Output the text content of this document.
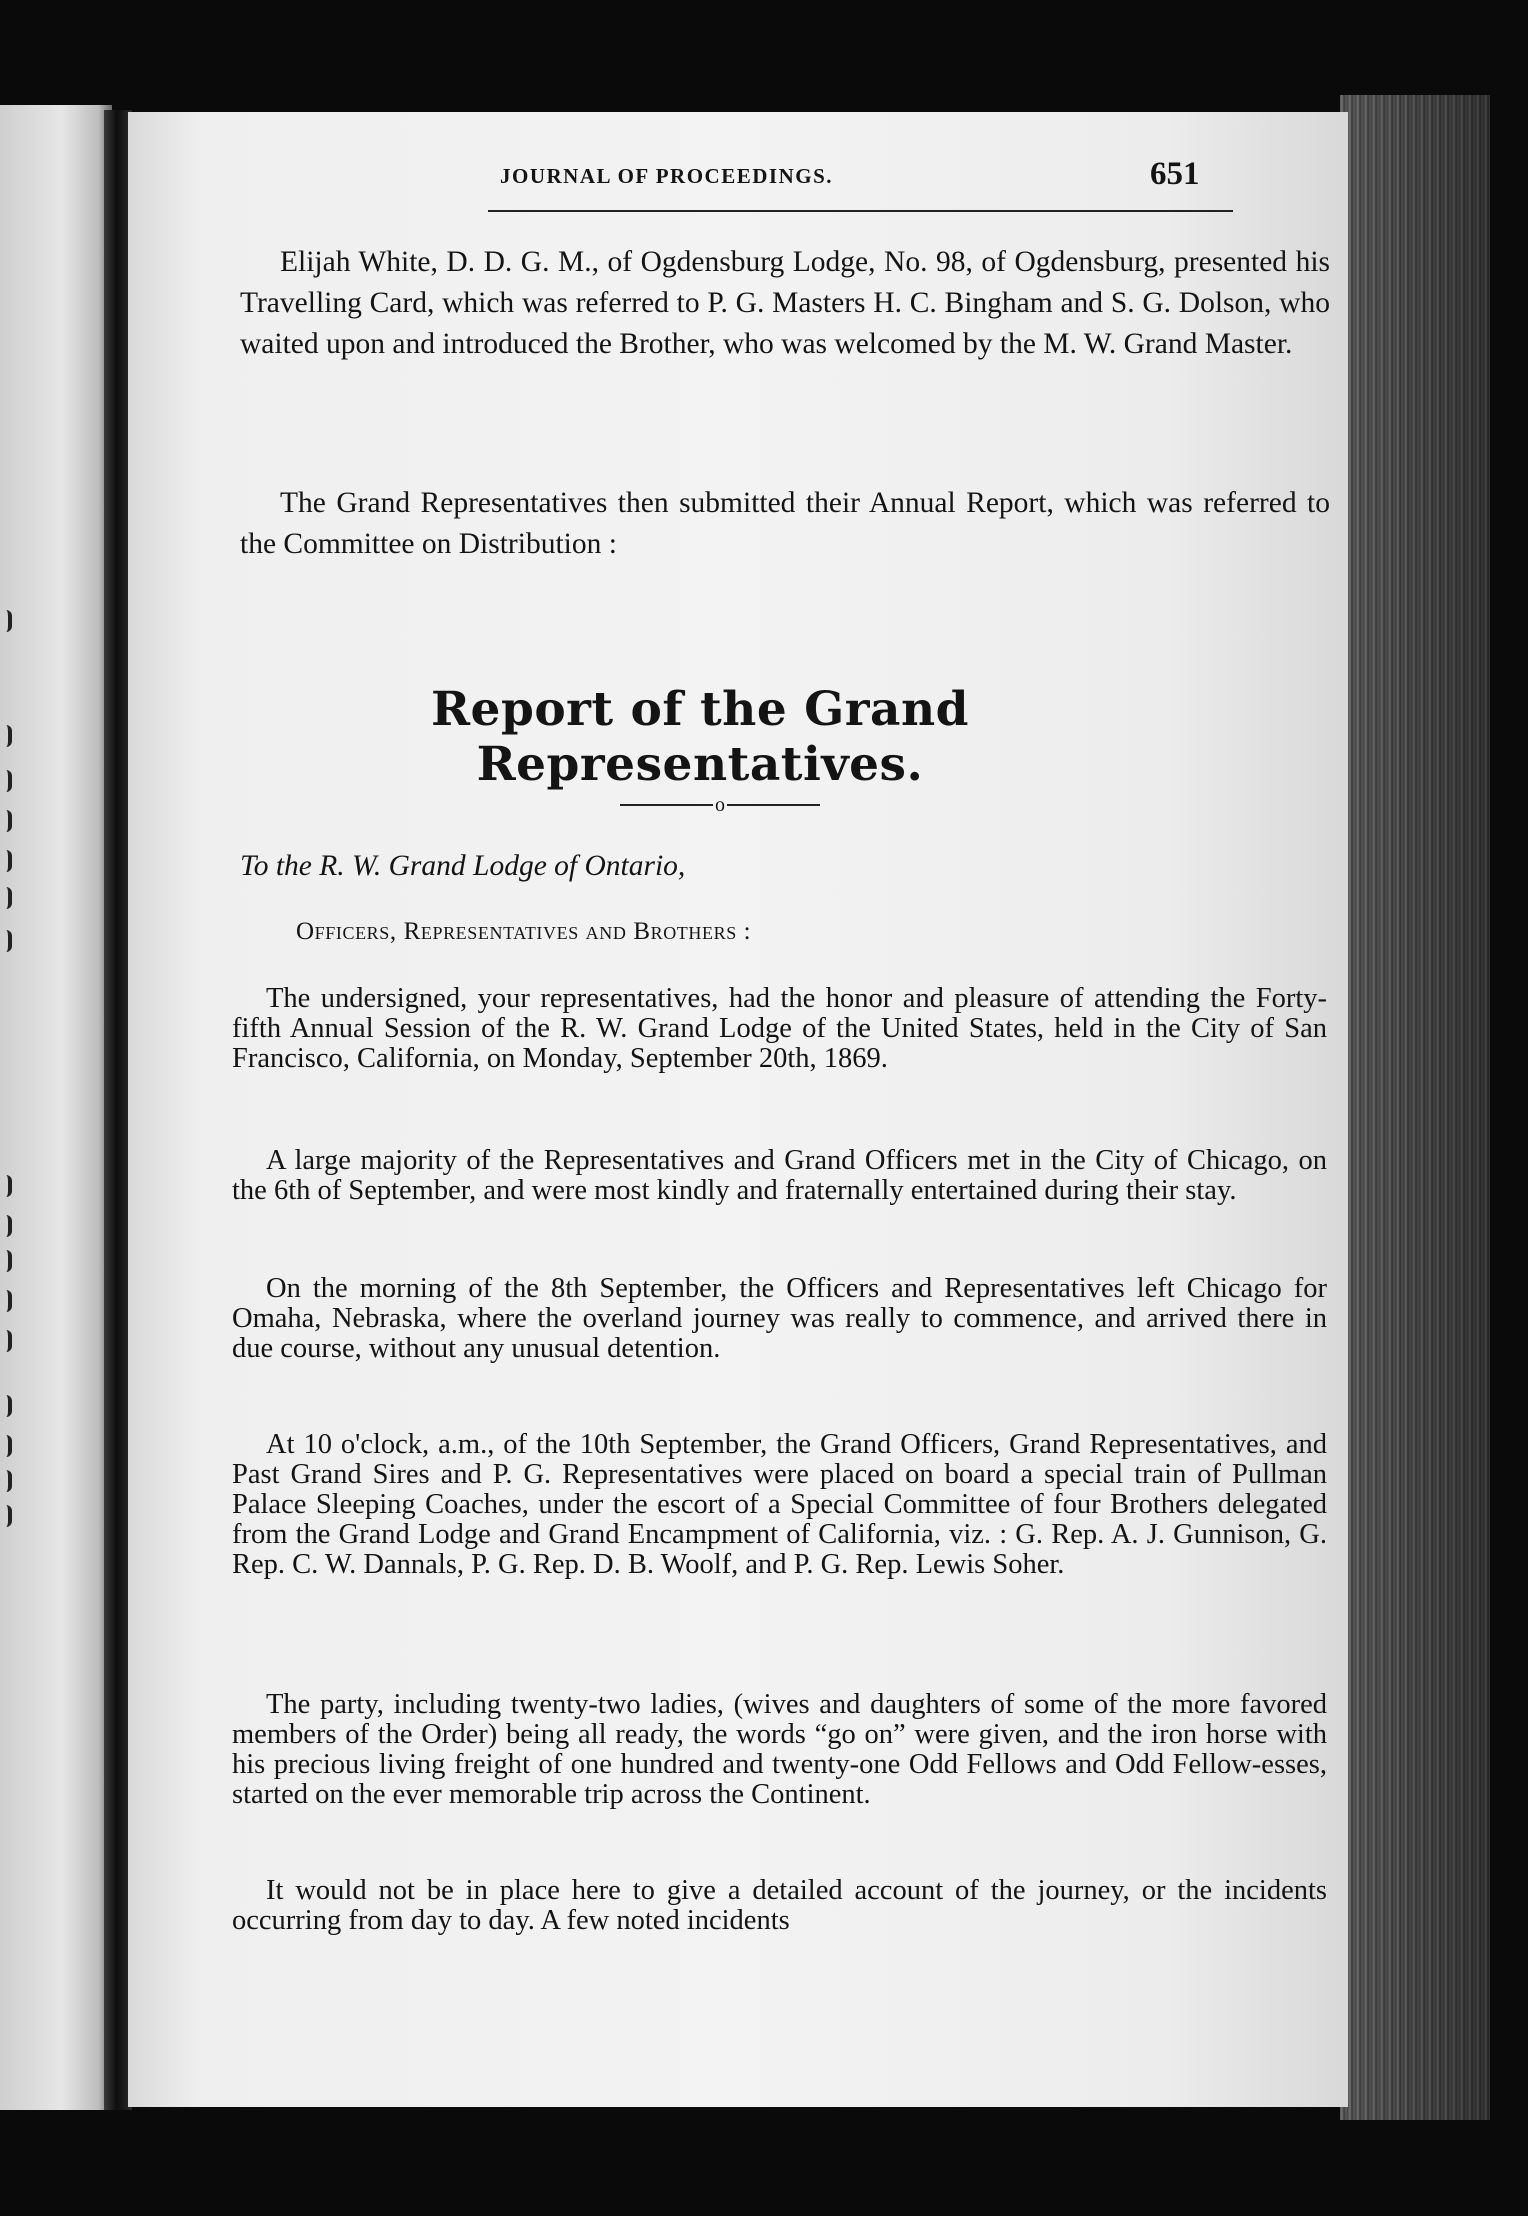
JOURNAL OF PROCEEDINGS.	651

Elijah White, D. D. G. M., of Ogdensburg Lodge, No. 98, of Ogdensburg, presented his Travelling Card, which was referred to P. G. Masters H. C. Bingham and S. G. Dolson, who waited upon and introduced the Brother, who was welcomed by the M. W. Grand Master.

The Grand Representatives then submitted their Annual Report, which was referred to the Committee on Distribution :

Report of the Grand Representatives.
o
To the R. W. Grand Lodge of Ontario,
Officers, Representatives and Brothers :

The undersigned, your representatives, had the honor and pleasure of attending the Forty-fifth Annual Session of the R. W. Grand Lodge of the United States, held in the City of San Francisco, California, on Monday, September 20th, 1869.

A large majority of the Representatives and Grand Officers met in the City of Chicago, on the 6th of September, and were most kindly and fraternally entertained during their stay.

On the morning of the 8th September, the Officers and Representatives left Chicago for Omaha, Nebraska, where the overland journey was really to commence, and arrived there in due course, without any unusual detention.

At 10 o'clock, a.m., of the 10th September, the Grand Officers, Grand Representatives, and Past Grand Sires and P. G. Representatives were placed on board a special train of Pullman Palace Sleeping Coaches, under the escort of a Special Committee of four Brothers delegated from the Grand Lodge and Grand Encampment of California, viz. : G. Rep. A. J. Gunnison, G. Rep. C. W. Dannals, P. G. Rep. D. B. Woolf, and P. G. Rep. Lewis Soher.

The party, including twenty-two ladies, (wives and daughters of some of the more favored members of the Order) being all ready, the words “go on” were given, and the iron horse with his precious living freight of one hundred and twenty-one Odd Fellows and Odd Fellow-esses, started on the ever memorable trip across the Continent.

It would not be in place here to give a detailed account of the journey, or the incidents occurring from day to day. A few noted incidents
